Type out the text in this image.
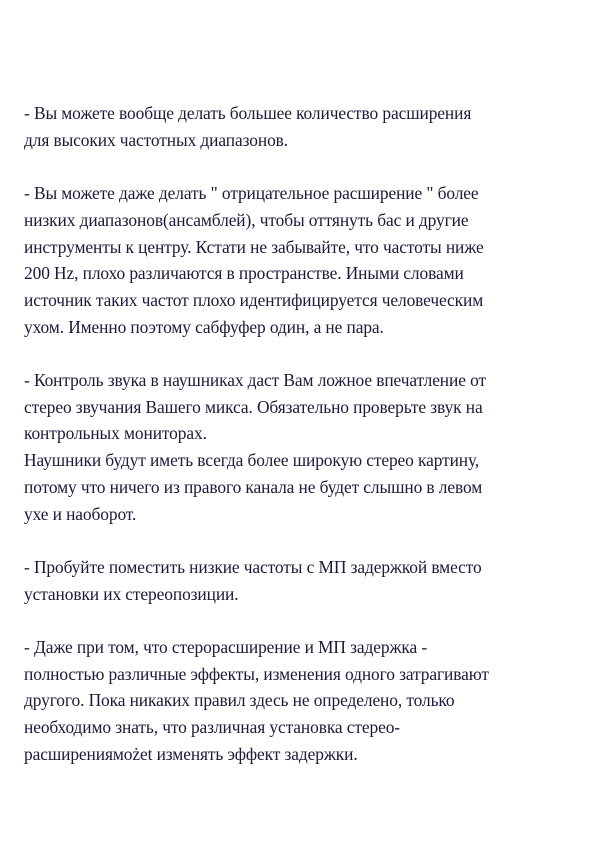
- Вы можете вообще делать большее количество расширения
для высоких частотных диапазонов.

- Вы можете даже делать " отрицательное расширение " более
низких диапазонов(ансамблей), чтобы оттянуть бас и другие
инструменты к центру. Кстати не забывайте, что частоты ниже
200 Hz, плохо различаются в пространстве. Иными словами
источник таких частот плохо идентифицируется человеческим
ухом. Именно поэтому сабфуфер один, а не пара.

- Контроль звука в наушниках даст Вам ложное впечатление от
стерео звучания Вашего микса. Обязательно проверьте звук на
контрольных мониторах.
Наушники будут иметь всегда более широкую стерео картину,
потому что ничего из правого канала не будет слышно в левом
ухе и наоборот.

- Пробуйте поместить низкие частоты с МП задержкой вместо
установки их стереопозиции.

- Даже при том, что стерорасширение и МП задержка -
полностью различные эффекты, изменения одного затрагивают
другого. Пока никаких правил здесь не определено, только
необходимо знать, что различная установка стерео-
расширениямożet изменять эффект задержки.
